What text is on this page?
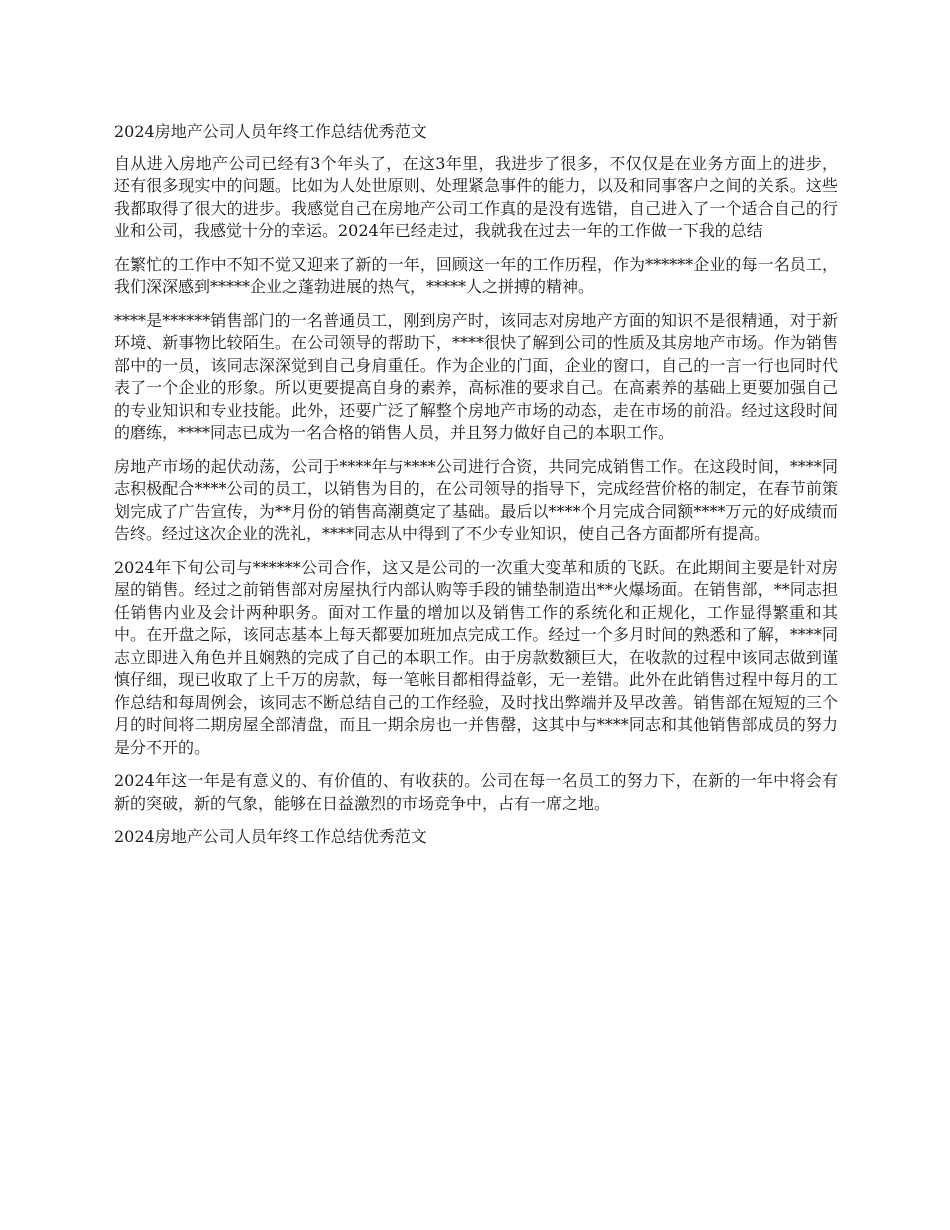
2024房地产公司人员年终工作总结优秀范文

自从进入房地产公司已经有3个年头了，在这3年里，我进步了很多，不仅仅是在业务方面上的进步，还有很多现实中的问题。比如为人处世原则、处理紧急事件的能力，以及和同事客户之间的关系。这些我都取得了很大的进步。我感觉自己在房地产公司工作真的是没有选错，自己进入了一个适合自己的行业和公司，我感觉十分的幸运。2024年已经走过，我就我在过去一年的工作做一下我的总结

在繁忙的工作中不知不觉又迎来了新的一年，回顾这一年的工作历程，作为******企业的每一名员工，我们深深感到*****企业之蓬勃进展的热气，*****人之拼搏的精神。

****是******销售部门的一名普通员工，刚到房产时，该同志对房地产方面的知识不是很精通，对于新环境、新事物比较陌生。在公司领导的帮助下，****很快了解到公司的性质及其房地产市场。作为销售部中的一员，该同志深深觉到自己身肩重任。作为企业的门面，企业的窗口，自己的一言一行也同时代表了一个企业的形象。所以更要提高自身的素养，高标准的要求自己。在高素养的基础上更要加强自己的专业知识和专业技能。此外，还要广泛了解整个房地产市场的动态，走在市场的前沿。经过这段时间的磨练，****同志已成为一名合格的销售人员，并且努力做好自己的本职工作。

房地产市场的起伏动荡，公司于****年与****公司进行合资，共同完成销售工作。在这段时间，****同志积极配合****公司的员工，以销售为目的，在公司领导的指导下，完成经营价格的制定，在春节前策划完成了广告宣传，为**月份的销售高潮奠定了基础。最后以****个月完成合同额****万元的好成绩而告终。经过这次企业的洗礼，****同志从中得到了不少专业知识，使自己各方面都所有提高。

2024年下旬公司与******公司合作，这又是公司的一次重大变革和质的飞跃。在此期间主要是针对房屋的销售。经过之前销售部对房屋执行内部认购等手段的铺垫制造出**火爆场面。在销售部，**同志担任销售内业及会计两种职务。面对工作量的增加以及销售工作的系统化和正规化，工作显得繁重和其中。在开盘之际，该同志基本上每天都要加班加点完成工作。经过一个多月时间的熟悉和了解，****同志立即进入角色并且娴熟的完成了自己的本职工作。由于房款数额巨大，在收款的过程中该同志做到谨慎仔细，现已收取了上千万的房款，每一笔帐目都相得益彰，无一差错。此外在此销售过程中每月的工作总结和每周例会，该同志不断总结自己的工作经验，及时找出弊端并及早改善。销售部在短短的三个月的时间将二期房屋全部清盘，而且一期余房也一并售罄，这其中与****同志和其他销售部成员的努力是分不开的。

2024年这一年是有意义的、有价值的、有收获的。公司在每一名员工的努力下，在新的一年中将会有新的突破，新的气象，能够在日益激烈的市场竞争中，占有一席之地。

2024房地产公司人员年终工作总结优秀范文
